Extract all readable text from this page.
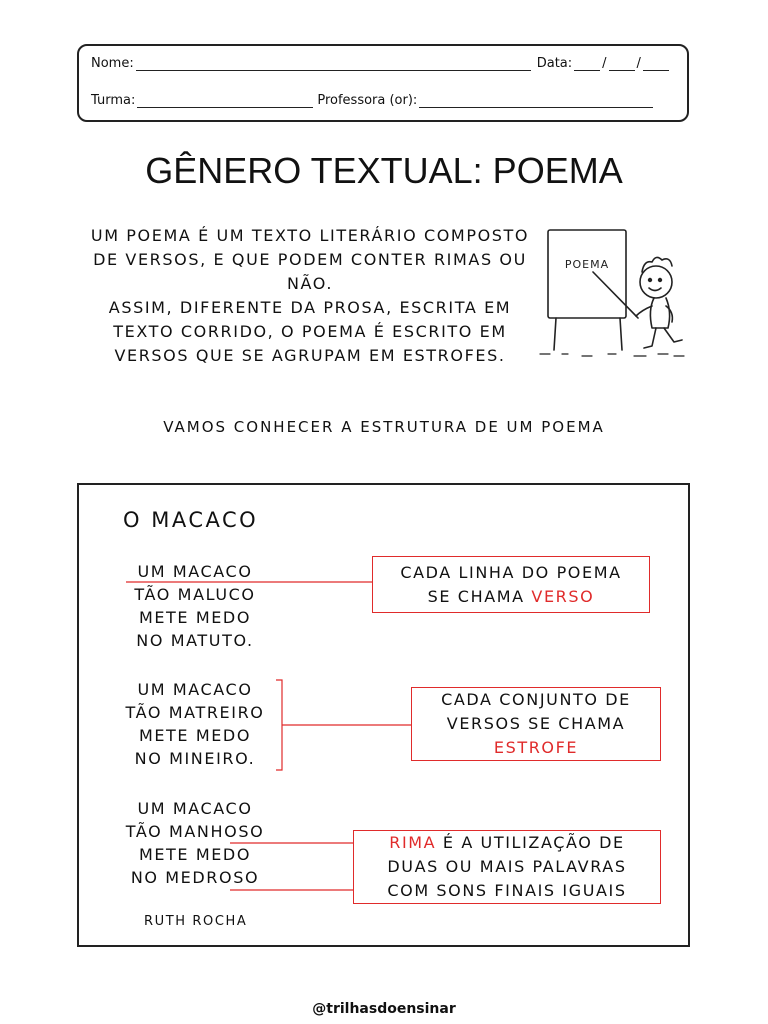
Nome:	Data: / /
Turma:	Professora (or):
GÊNERO TEXTUAL: POEMA

UM POEMA É UM TEXTO LITERÁRIO COMPOSTO DE VERSOS, E QUE PODEM CONTER RIMAS OU NÃO.

ASSIM, DIFERENTE DA PROSA, ESCRITA EM TEXTO CORRIDO, O POEMA É ESCRITO EM VERSOS QUE SE AGRUPAM EM ESTROFES.

POEMA
VAMOS CONHECER A ESTRUTURA DE UM POEMA
O MACACO
UM MACACO
TÃO MALUCO
METE MEDO
NO MATUTO.
UM MACACO
TÃO MATREIRO
METE MEDO
NO MINEIRO.
UM MACACO
TÃO MANHOSO
METE MEDO
NO MEDROSO
RUTH ROCHA
CADA LINHA DO POEMA
SE CHAMA VERSO
CADA CONJUNTO DE
VERSOS SE CHAMA
ESTROFE
RIMA É A UTILIZAÇÃO DE
DUAS OU MAIS PALAVRAS
COM SONS FINAIS IGUAIS
@trilhasdoensinar
